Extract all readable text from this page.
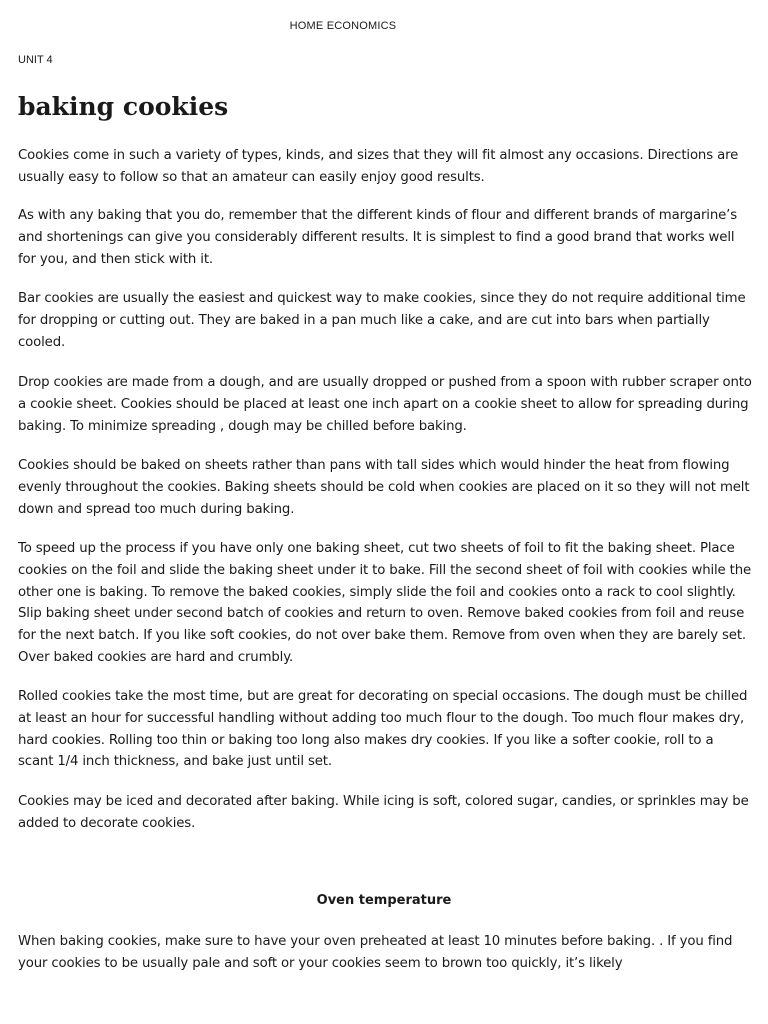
HOME ECONOMICS
UNIT 4
baking cookies

Cookies come in such a variety of types, kinds, and sizes that they will fit almost any occasions. Directions are usually easy to follow so that an amateur can easily enjoy good results.

As with any baking that you do, remember that the different kinds of flour and different brands of margarine’s and shortenings can give you considerably different results. It is simplest to find a good brand that works well for you, and then stick with it.

Bar cookies are usually the easiest and quickest way to make cookies, since they do not require additional time for dropping or cutting out. They are baked in a pan much like a cake, and are cut into bars when partially cooled.

Drop cookies are made from a dough, and are usually dropped or pushed from a spoon with rubber scraper onto a cookie sheet. Cookies should be placed at least one inch apart on a cookie sheet to allow for spreading during baking. To minimize spreading , dough may be chilled before baking.

Cookies should be baked on sheets rather than pans with tall sides which would hinder the heat from flowing evenly throughout the cookies. Baking sheets should be cold when cookies are placed on it so they will not melt down and spread too much during baking.

To speed up the process if you have only one baking sheet, cut two sheets of foil to fit the baking sheet. Place cookies on the foil and slide the baking sheet under it to bake. Fill the second sheet of foil with cookies while the other one is baking. To remove the baked cookies, simply slide the foil and cookies onto a rack to cool slightly. Slip baking sheet under second batch of cookies and return to oven. Remove baked cookies from foil and reuse for the next batch. If you like soft cookies, do not over bake them. Remove from oven when they are barely set. Over baked cookies are hard and crumbly.

Rolled cookies take the most time, but are great for decorating on special occasions. The dough must be chilled at least an hour for successful handling without adding too much flour to the dough. Too much flour makes dry, hard cookies. Rolling too thin or baking too long also makes dry cookies. If you like a softer cookie, roll to a scant 1/4 inch thickness, and bake just until set.

Cookies may be iced and decorated after baking. While icing is soft, colored sugar, candies, or sprinkles may be added to decorate cookies.

Oven temperature

When baking cookies, make sure to have your oven preheated at least 10 minutes before baking. . If you find your cookies to be usually pale and soft or your cookies seem to brown too quickly, it’s likely
